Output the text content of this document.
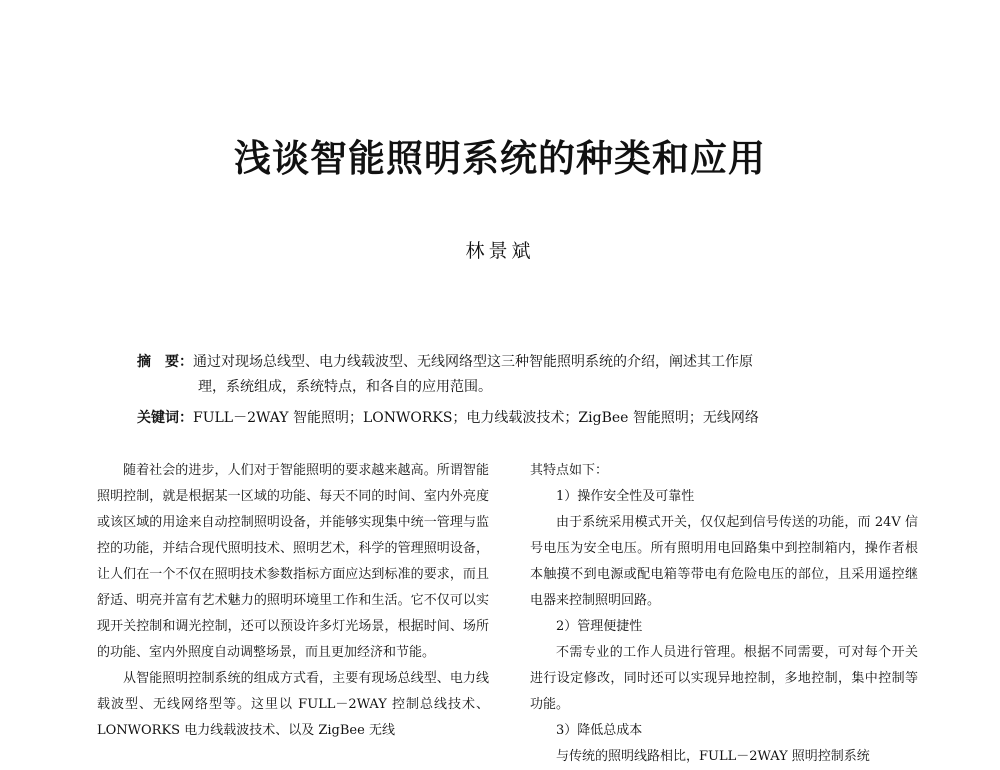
浅谈智能照明系统的种类和应用
林景斌
摘　要：通过对现场总线型、电力线载波型、无线网络型这三种智能照明系统的介绍，阐述其工作原
理，系统组成，系统特点，和各自的应用范围。
关键词：FULL－2WAY 智能照明；LONWORKS；电力线载波技术；ZigBee 智能照明；无线网络

随着社会的进步，人们对于智能照明的要求越来越高。所谓智能照明控制，就是根据某一区域的功能、每天不同的时间、室内外亮度或该区域的用途来自动控制照明设备，并能够实现集中统一管理与监控的功能，并结合现代照明技术、照明艺术，科学的管理照明设备，让人们在一个不仅在照明技术参数指标方面应达到标准的要求，而且舒适、明亮并富有艺术魅力的照明环境里工作和生活。它不仅可以实现开关控制和调光控制，还可以预设许多灯光场景，根据时间、场所的功能、室内外照度自动调整场景，而且更加经济和节能。

从智能照明控制系统的组成方式看，主要有现场总线型、电力线载波型、无线网络型等。这里以 FULL－2WAY 控制总线技术、LONWORKS 电力线载波技术、以及 ZigBee 无线

其特点如下：

1）操作安全性及可靠性

由于系统采用模式开关，仅仅起到信号传送的功能，而 24V 信号电压为安全电压。所有照明用电回路集中到控制箱内，操作者根本触摸不到电源或配电箱等带电有危险电压的部位，且采用遥控继电器来控制照明回路。

2）管理便捷性

不需专业的工作人员进行管理。根据不同需要，可对每个开关进行设定修改，同时还可以实现异地控制，多地控制，集中控制等功能。

3）降低总成本

与传统的照明线路相比，FULL－2WAY 照明控制系统
